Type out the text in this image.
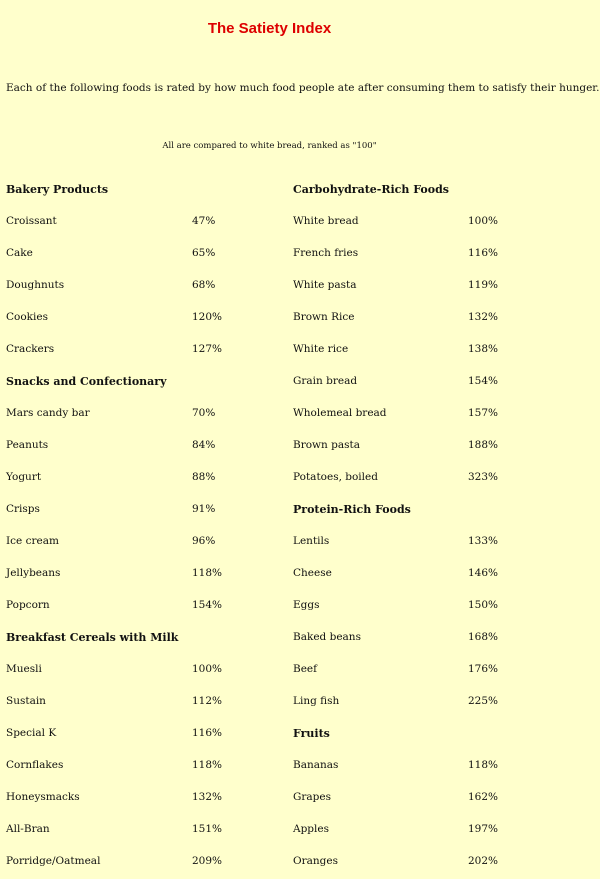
The Satiety Index
Each of the following foods is rated by how much food people ate after consuming them to satisfy their hunger.
All are compared to white bread, ranked as "100"
Bakery Products
Croissant	47%
Cake	65%
Doughnuts	68%
Cookies	120%
Crackers	127%
Snacks and Confectionary
Mars candy bar	70%
Peanuts	84%
Yogurt	88%
Crisps	91%
Ice cream	96%
Jellybeans	118%
Popcorn	154%
Breakfast Cereals with Milk
Muesli	100%
Sustain	112%
Special K	116%
Cornflakes	118%
Honeysmacks	132%
All-Bran	151%
Porridge/Oatmeal	209%
Carbohydrate-Rich Foods
White bread	100%
French fries	116%
White pasta	119%
Brown Rice	132%
White rice	138%
Grain bread	154%
Wholemeal bread	157%
Brown pasta	188%
Potatoes, boiled	323%
Protein-Rich Foods
Lentils	133%
Cheese	146%
Eggs	150%
Baked beans	168%
Beef	176%
Ling fish	225%
Fruits
Bananas	118%
Grapes	162%
Apples	197%
Oranges	202%
